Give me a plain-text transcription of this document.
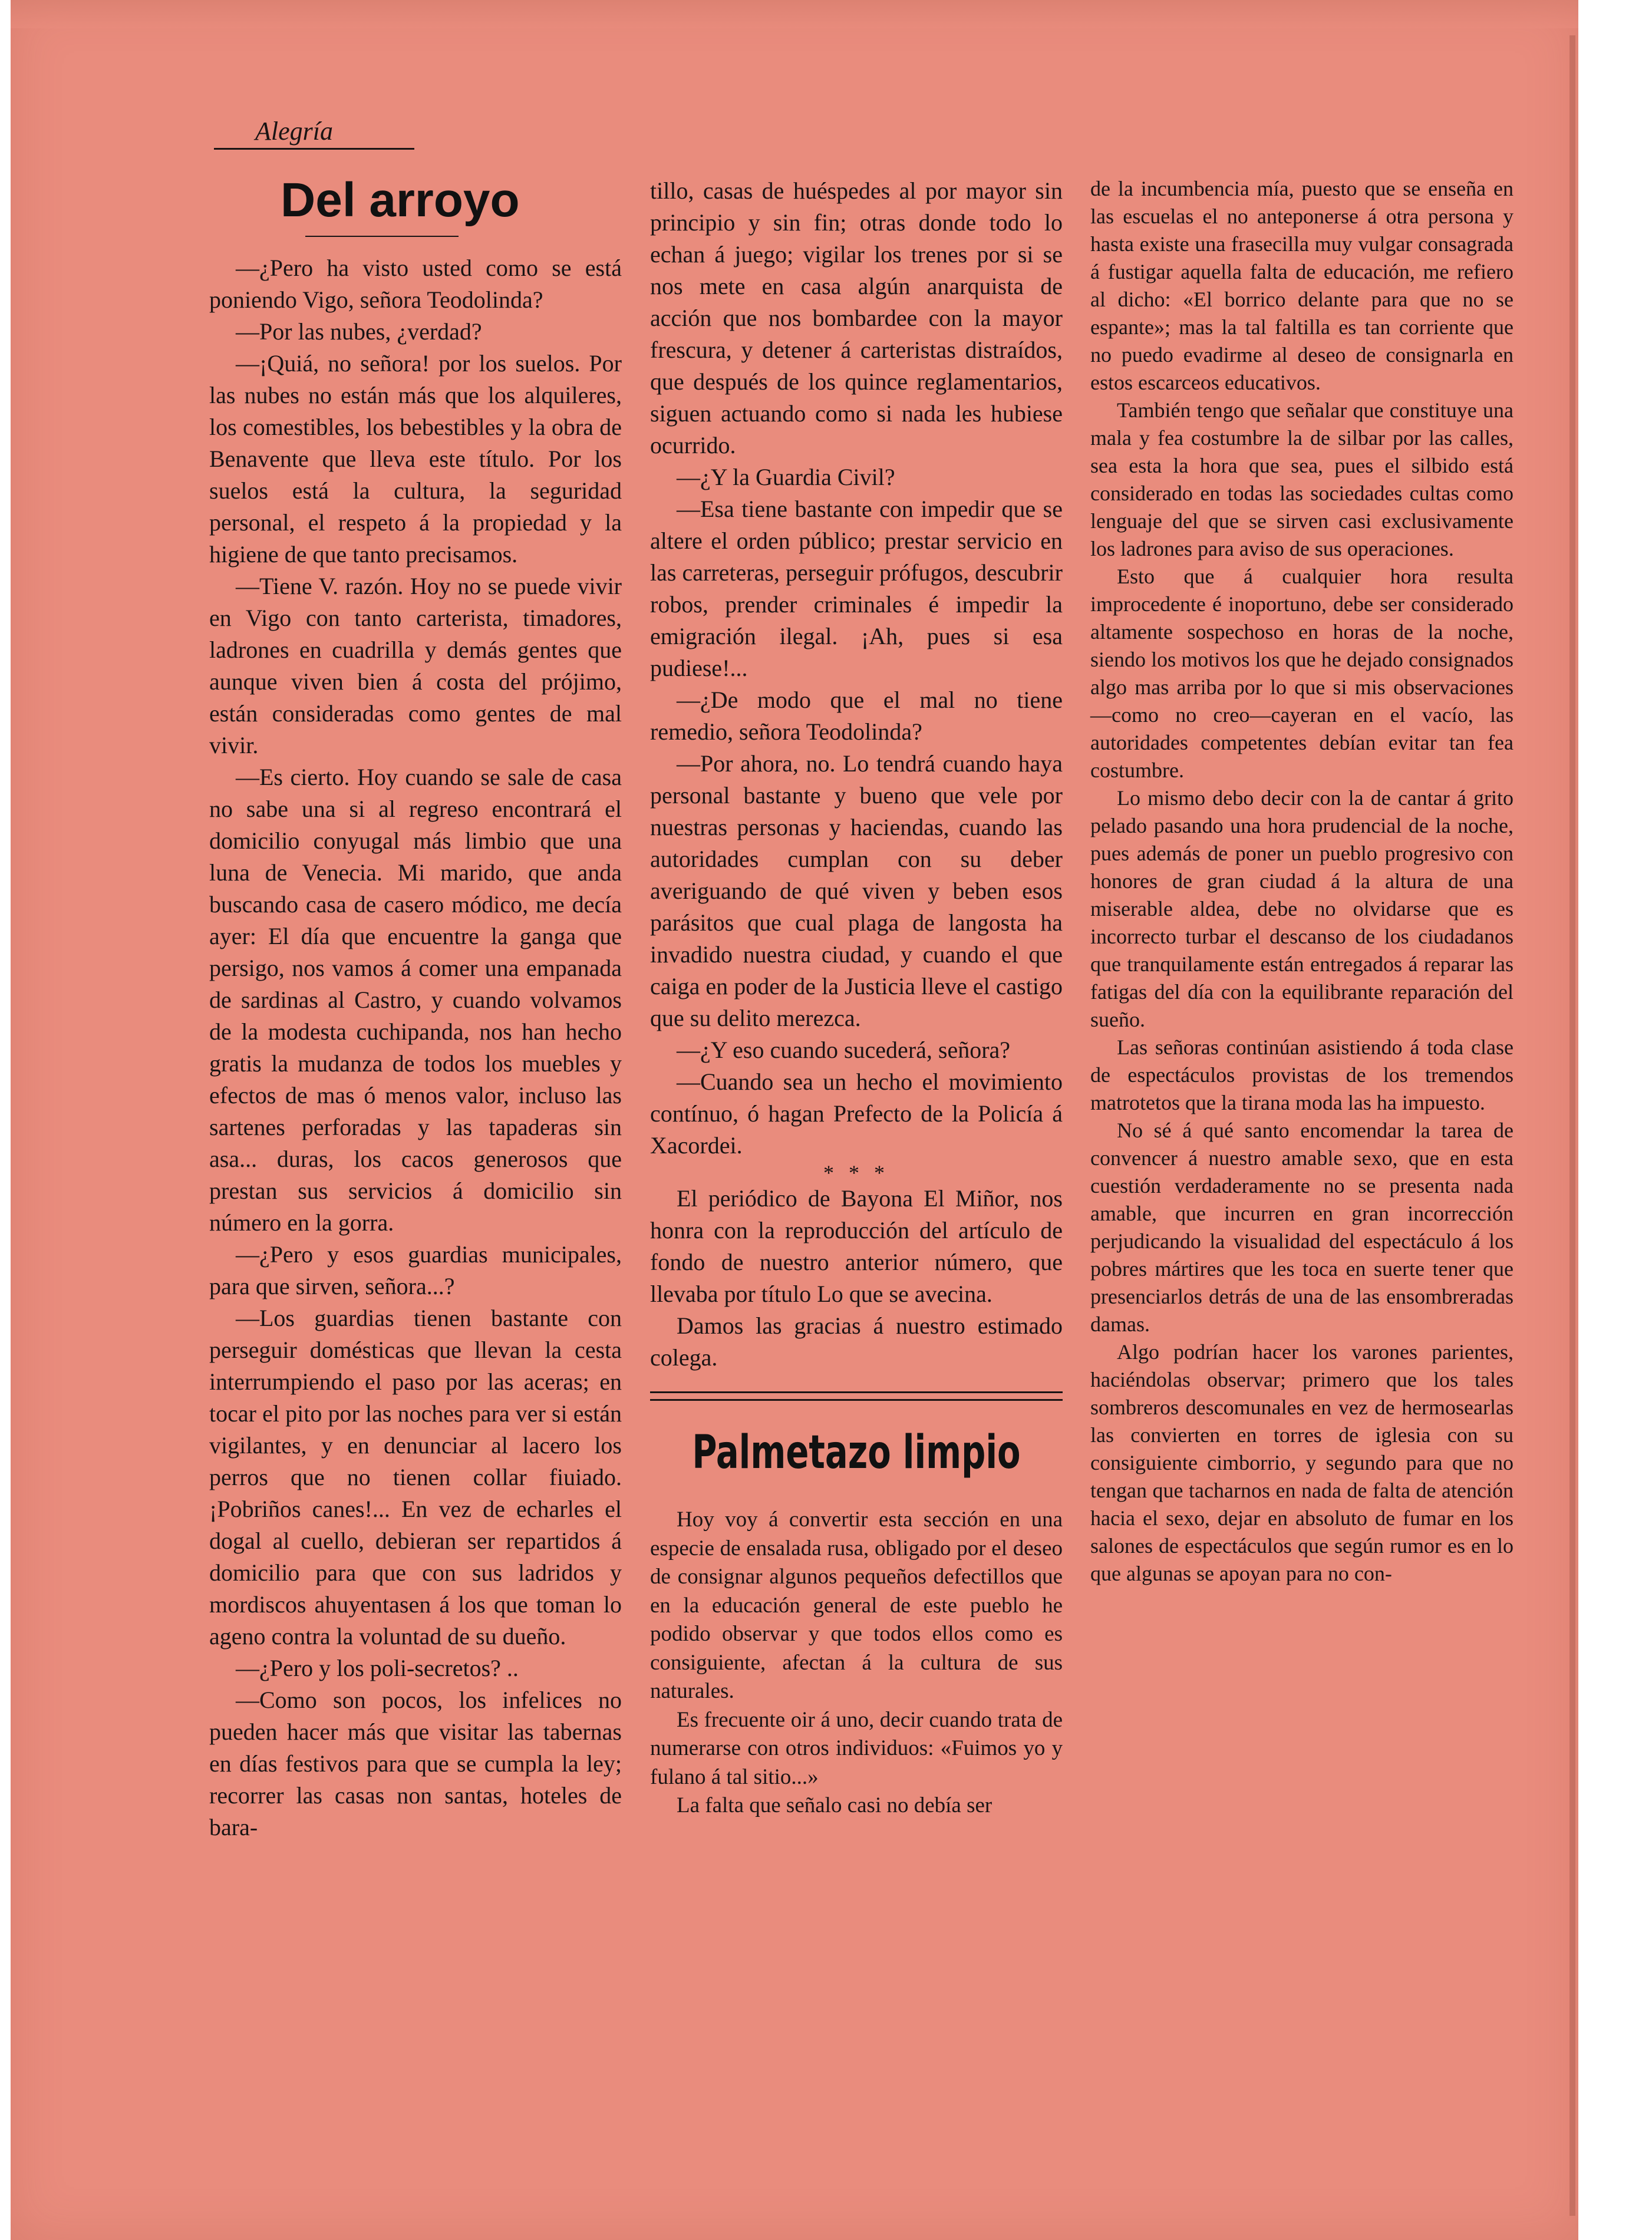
Alegría
Del arroyo

—¿Pero ha visto usted como se está poniendo Vigo, señora Teodolinda?

—Por las nubes, ¿verdad?

—¡Quiá, no señora! por los suelos. Por las nubes no están más que los alquileres, los comestibles, los bebestibles y la obra de Benavente que lleva este título. Por los suelos está la cultura, la seguridad personal, el respeto á la propiedad y la higiene de que tanto precisamos.

—Tiene V. razón. Hoy no se puede vivir en Vigo con tanto carterista, timadores, ladrones en cuadrilla y demás gentes que aunque viven bien á costa del prójimo, están consideradas como gentes de mal vivir.

—Es cierto. Hoy cuando se sale de casa no sabe una si al regreso encontrará el domicilio conyugal más limbio que una luna de Venecia. Mi marido, que anda buscando casa de casero módico, me decía ayer: El día que encuentre la ganga que persigo, nos vamos á comer una empanada de sardinas al Castro, y cuando volvamos de la modesta cuchipanda, nos han hecho gratis la mudanza de todos los muebles y efectos de mas ó menos valor, incluso las sartenes perforadas y las tapaderas sin asa... duras, los cacos generosos que prestan sus servicios á domicilio sin número en la gorra.

—¿Pero y esos guardias municipales, para que sirven, señora...?

—Los guardias tienen bastante con perseguir domésticas que llevan la cesta interrumpiendo el paso por las aceras; en tocar el pito por las noches para ver si están vigilantes, y en denunciar al lacero los perros que no tienen collar fiuiado. ¡Pobriños canes!... En vez de echarles el dogal al cuello, debieran ser repartidos á domicilio para que con sus ladridos y mordiscos ahuyentasen á los que toman lo ageno contra la voluntad de su dueño.

—¿Pero y los poli-secretos? ..

—Como son pocos, los infelices no pueden hacer más que visitar las tabernas en días festivos para que se cumpla la ley; recorrer las casas non santas, hoteles de bara-

tillo, casas de huéspedes al por mayor sin principio y sin fin; otras donde todo lo echan á juego; vigilar los trenes por si se nos mete en casa algún anarquista de acción que nos bombardee con la mayor frescura, y detener á carteristas distraídos, que después de los quince reglamentarios, siguen actuando como si nada les hubiese ocurrido.

—¿Y la Guardia Civil?

—Esa tiene bastante con impedir que se altere el orden público; prestar servicio en las carreteras, perseguir prófugos, descubrir robos, prender criminales é impedir la emigración ilegal. ¡Ah, pues si esa pudiese!...

—¿De modo que el mal no tiene remedio, señora Teodolinda?

—Por ahora, no. Lo tendrá cuando haya personal bastante y bueno que vele por nuestras personas y haciendas, cuando las autoridades cumplan con su deber averiguando de qué viven y beben esos parásitos que cual plaga de langosta ha invadido nuestra ciudad, y cuando el que caiga en poder de la Justicia lleve el castigo que su delito merezca.

—¿Y eso cuando sucederá, señora?

—Cuando sea un hecho el movimiento contínuo, ó hagan Prefecto de la Policía á Xacordei.

* * *

El periódico de Bayona El Miñor, nos honra con la reproducción del artículo de fondo de nuestro anterior número, que llevaba por título Lo que se avecina.

Damos las gracias á nuestro estimado colega.

Palmetazo limpio

Hoy voy á convertir esta sección en una especie de ensalada rusa, obligado por el deseo de consignar algunos pequeños defectillos que en la educación general de este pueblo he podido observar y que todos ellos como es consiguiente, afectan á la cultura de sus naturales.

Es frecuente oir á uno, decir cuando trata de numerarse con otros individuos: «Fuimos yo y fulano á tal sitio...»

La falta que señalo casi no debía ser

de la incumbencia mía, puesto que se enseña en las escuelas el no anteponerse á otra persona y hasta existe una frasecilla muy vulgar consagrada á fustigar aquella falta de educación, me refiero al dicho: «El borrico delante para que no se espante»; mas la tal faltilla es tan corriente que no puedo evadirme al deseo de consignarla en estos escarceos educativos.

También tengo que señalar que constituye una mala y fea costumbre la de silbar por las calles, sea esta la hora que sea, pues el silbido está considerado en todas las sociedades cultas como lenguaje del que se sirven casi exclusivamente los ladrones para aviso de sus operaciones.

Esto que á cualquier hora resulta improcedente é inoportuno, debe ser considerado altamente sospechoso en horas de la noche, siendo los motivos los que he dejado consignados algo mas arriba por lo que si mis observaciones—como no creo—cayeran en el vacío, las autoridades competentes debían evitar tan fea costumbre.

Lo mismo debo decir con la de cantar á grito pelado pasando una hora prudencial de la noche, pues además de poner un pueblo progresivo con honores de gran ciudad á la altura de una miserable aldea, debe no olvidarse que es incorrecto turbar el descanso de los ciudadanos que tranquilamente están entregados á reparar las fatigas del día con la equilibrante reparación del sueño.

Las señoras continúan asistiendo á toda clase de espectáculos provistas de los tremendos matrotetos que la tirana moda las ha impuesto.

No sé á qué santo encomendar la tarea de convencer á nuestro amable sexo, que en esta cuestión verdaderamente no se presenta nada amable, que incurren en gran incorrección perjudicando la visualidad del espectáculo á los pobres mártires que les toca en suerte tener que presenciarlos detrás de una de las ensombreradas damas.

Algo podrían hacer los varones parientes, haciéndolas observar; primero que los tales sombreros descomunales en vez de hermosearlas las convierten en torres de iglesia con su consiguiente cimborrio, y segundo para que no tengan que tacharnos en nada de falta de atención hacia el sexo, dejar en absoluto de fumar en los salones de espectáculos que según rumor es en lo que algunas se apoyan para no con-
